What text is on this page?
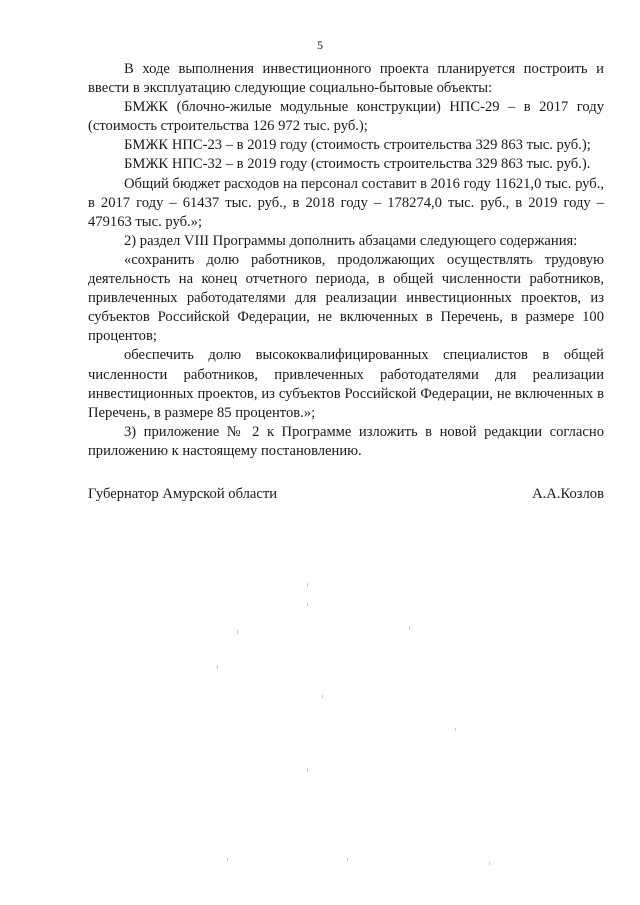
5

В ходе выполнения инвестиционного проекта планируется построить и ввести в эксплуатацию следующие социально-бытовые объекты:

БМЖК (блочно-жилые модульные конструкции) НПС-29 – в 2017 году (стоимость строительства 126 972 тыс. руб.);

БМЖК НПС-23 – в 2019 году (стоимость строительства 329 863 тыс. руб.);

БМЖК НПС-32 – в 2019 году (стоимость строительства 329 863 тыс. руб.).

Общий бюджет расходов на персонал составит в 2016 году 11621,0 тыс. руб., в 2017 году – 61437 тыс. руб., в 2018 году – 178274,0 тыс. руб., в 2019 году – 479163 тыс. руб.»;

2) раздел VIII Программы дополнить абзацами следующего содержания:

«сохранить долю работников, продолжающих осуществлять трудовую деятельность на конец отчетного периода, в общей численности работников, привлеченных работодателями для реализации инвестиционных проектов, из субъектов Российской Федерации, не включенных в Перечень, в размере 100 процентов;

обеспечить долю высококвалифицированных специалистов в общей численности работников, привлеченных работодателями для реализации инвестиционных проектов, из субъектов Российской Федерации, не включенных в Перечень, в размере 85 процентов.»;

3) приложение № 2 к Программе изложить в новой редакции согласно приложению к настоящему постановлению.

Губернатор Амурской области	А.А.Козлов
